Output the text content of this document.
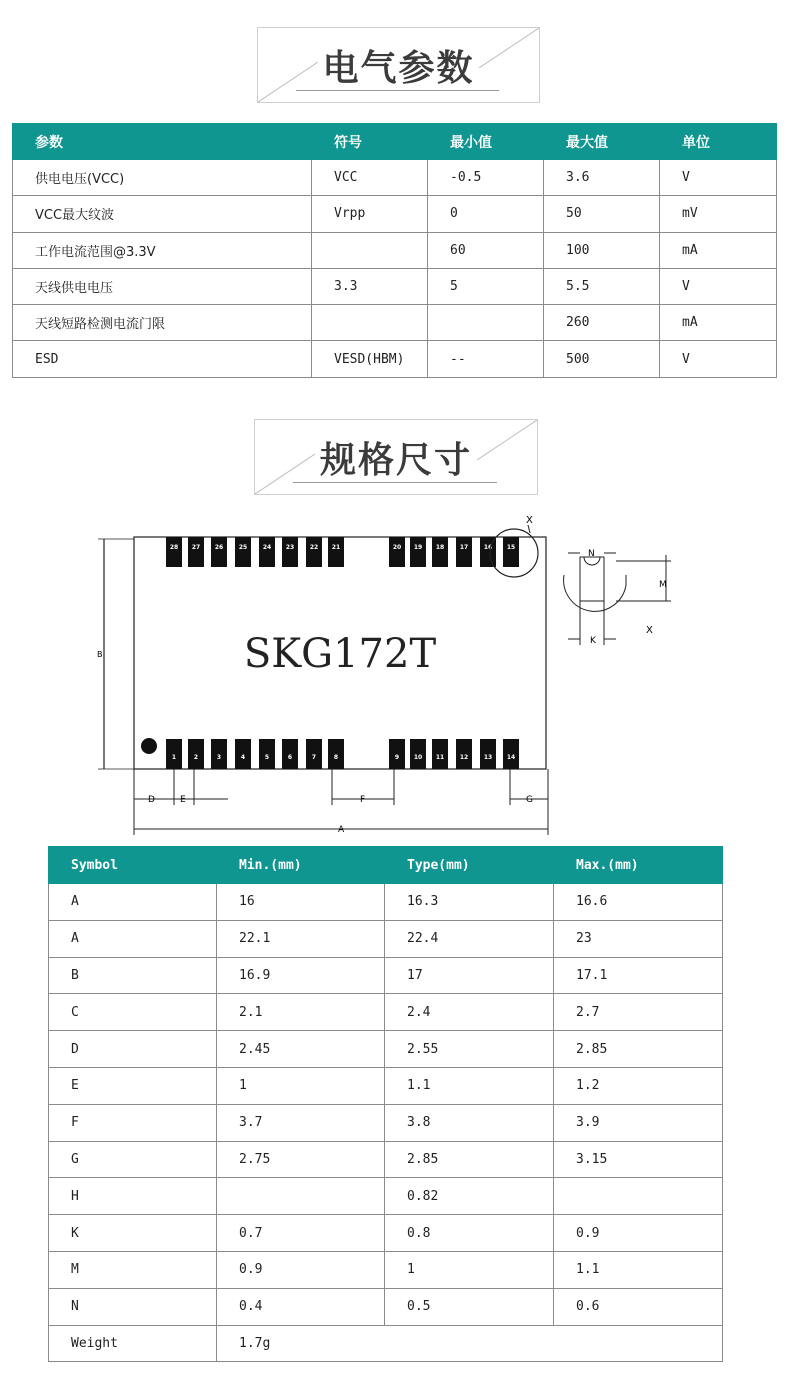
电气参数
参数	符号	最小值	最大值	单位
供电电压(VCC)	VCC	-0.5	3.6	V
VCC最大纹波	Vrpp	0	50	mV
工作电流范围@3.3V		60	100	mA
天线供电电压	3.3	5	5.5	V
天线短路检测电流门限			260	mA
ESD	VESD(HBM)	--	500	V
规格尺寸
B
28 27 26	25	24 23	22 21	20 19 18	17	16 15
1	2	3	4	5	6	7	8	9 10 11	12	13 14
SKG172T
X
N
M
K
X
D	E	F	G
A
Symbol	Min.(mm)	Type(mm)	Max.(mm)
A	16	16.3	16.6
A	22.1	22.4	23
B	16.9	17	17.1
C	2.1	2.4	2.7
D	2.45	2.55	2.85
E	1	1.1	1.2
F	3.7	3.8	3.9
G	2.75	2.85	3.15
H		0.82	
K	0.7	0.8	0.9
M	0.9	1	1.1
N	0.4	0.5	0.6
Weight	1.7g		
